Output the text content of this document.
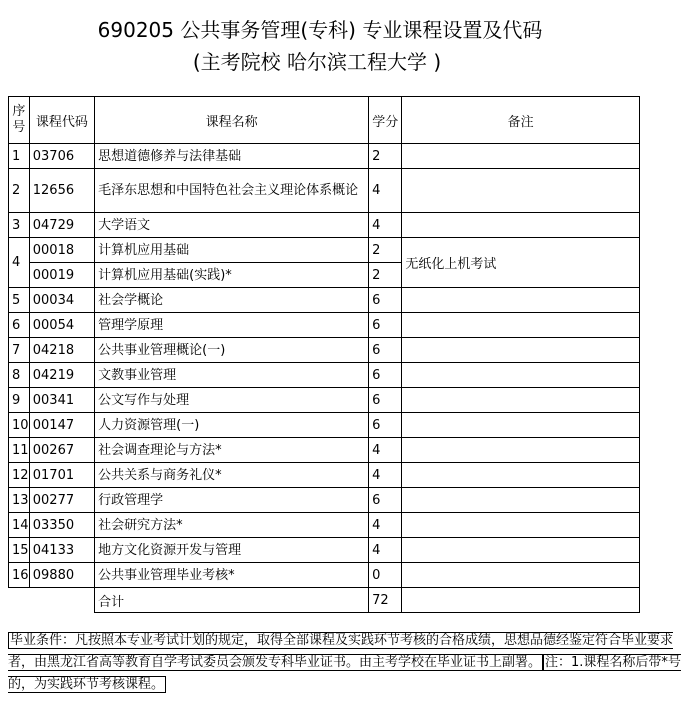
690205 公共事务管理(专科) 专业课程设置及代码
(主考院校 哈尔滨工程大学 )
序号	课程代码	课程名称	学分	备注
1	03706	思想道德修养与法律基础	2	
2	12656	毛泽东思想和中国特色社会主义理论体系概论	4	
3	04729	大学语文	4	
4	00018	计算机应用基础	2	无纸化上机考试
	00019	计算机应用基础(实践)*	2	
5	00034	社会学概论	6	
6	00054	管理学原理	6	
7	04218	公共事业管理概论(一)	6	
8	04219	文教事业管理	6	
9	00341	公文写作与处理	6	
10	00147	人力资源管理(一)	6	
11	00267	社会调查理论与方法*	4	
12	01701	公共关系与商务礼仪*	4	
13	00277	行政管理学	6	
14	03350	社会研究方法*	4	
15	04133	地方文化资源开发与管理	4	
16	09880	公共事业管理毕业考核*	0	
		合计	72	
毕业条件：凡按照本专业考试计划的规定，取得全部课程及实践环节考核的合格成绩，思想品德经鉴定符合毕业要求者，由黑龙江省高等教育自学考试委员会颁发专科毕业证书。由主考学校在毕业证书上副署。 注：1.课程名称后带*号的，为实践环节考核课程。
